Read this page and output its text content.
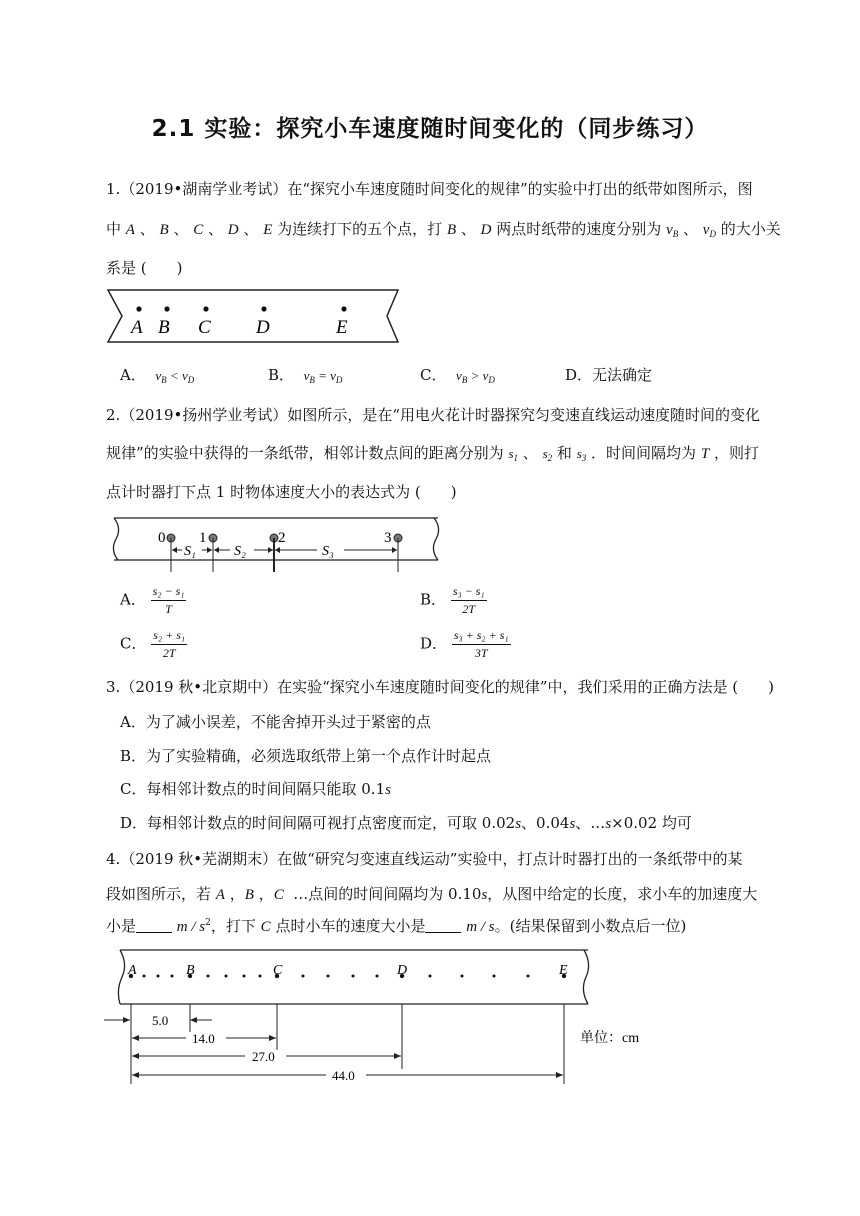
2.1 实验：探究小车速度随时间变化的（同步练习）
1.（2019•湖南学业考试）在“探究小车速度随时间变化的规律”的实验中打出的纸带如图所示，图
中 A 、 B 、 C 、 D 、 E 为连续打下的五个点，打 B 、 D 两点时纸带的速度分别为 $v_B$ 、 $v_D$ 的大小关
系是 (　　)
A B C D	E
A． $v_B < v_D$	B． $v_B = v_D$	C． $v_B > v_D$	D．无法确定
2.（2019•扬州学业考试）如图所示，是在“用电火花计时器探究匀变速直线运动速度随时间的变化
规律”的实验中获得的一条纸带，相邻计数点间的距离分别为 $s_1$ 、 $s_2$ 和 $s_3$ ．时间间隔均为 T ，则打
点计时器打下点 1 时物体速度大小的表达式为 (　　)
0 1	2	3
S₁	S₂	S₃
A． $\frac{\text{s₂ − s₁}}{T}$	B． $\frac{\text{s₃ − s₁}}{2T}$
C． $\frac{\text{s₂ + s₁}}{2T}$	D． $\frac{\text{s₃ + s₂ + s₁}}{3T}$
3.（2019 秋•北京期中）在实验“探究小车速度随时间变化的规律”中，我们采用的正确方法是 (　　)
A．为了减小误差，不能舍掉开头过于紧密的点
B．为了实验精确，必须选取纸带上第一个点作计时起点
C．每相邻计数点的时间间隔只能取 0.1s
D．每相邻计数点的时间间隔可视打点密度而定，可取 0.02s、0.04s、…s×0.02 均可
4.（2019 秋•芜湖期末）在做“研究匀变速直线运动”实验中，打点计时器打出的一条纸带中的某
段如图所示，若 A ，B ，C …点间的时间间隔均为 0.10s，从图中给定的长度，求小车的加速度大
小是	m / $s^2$，打下 C 点时小车的速度大小是	m / s。(结果保留到小数点后一位)
A	B	C	D	E
5.0
14.0
27.0
44.0
单位：cm
